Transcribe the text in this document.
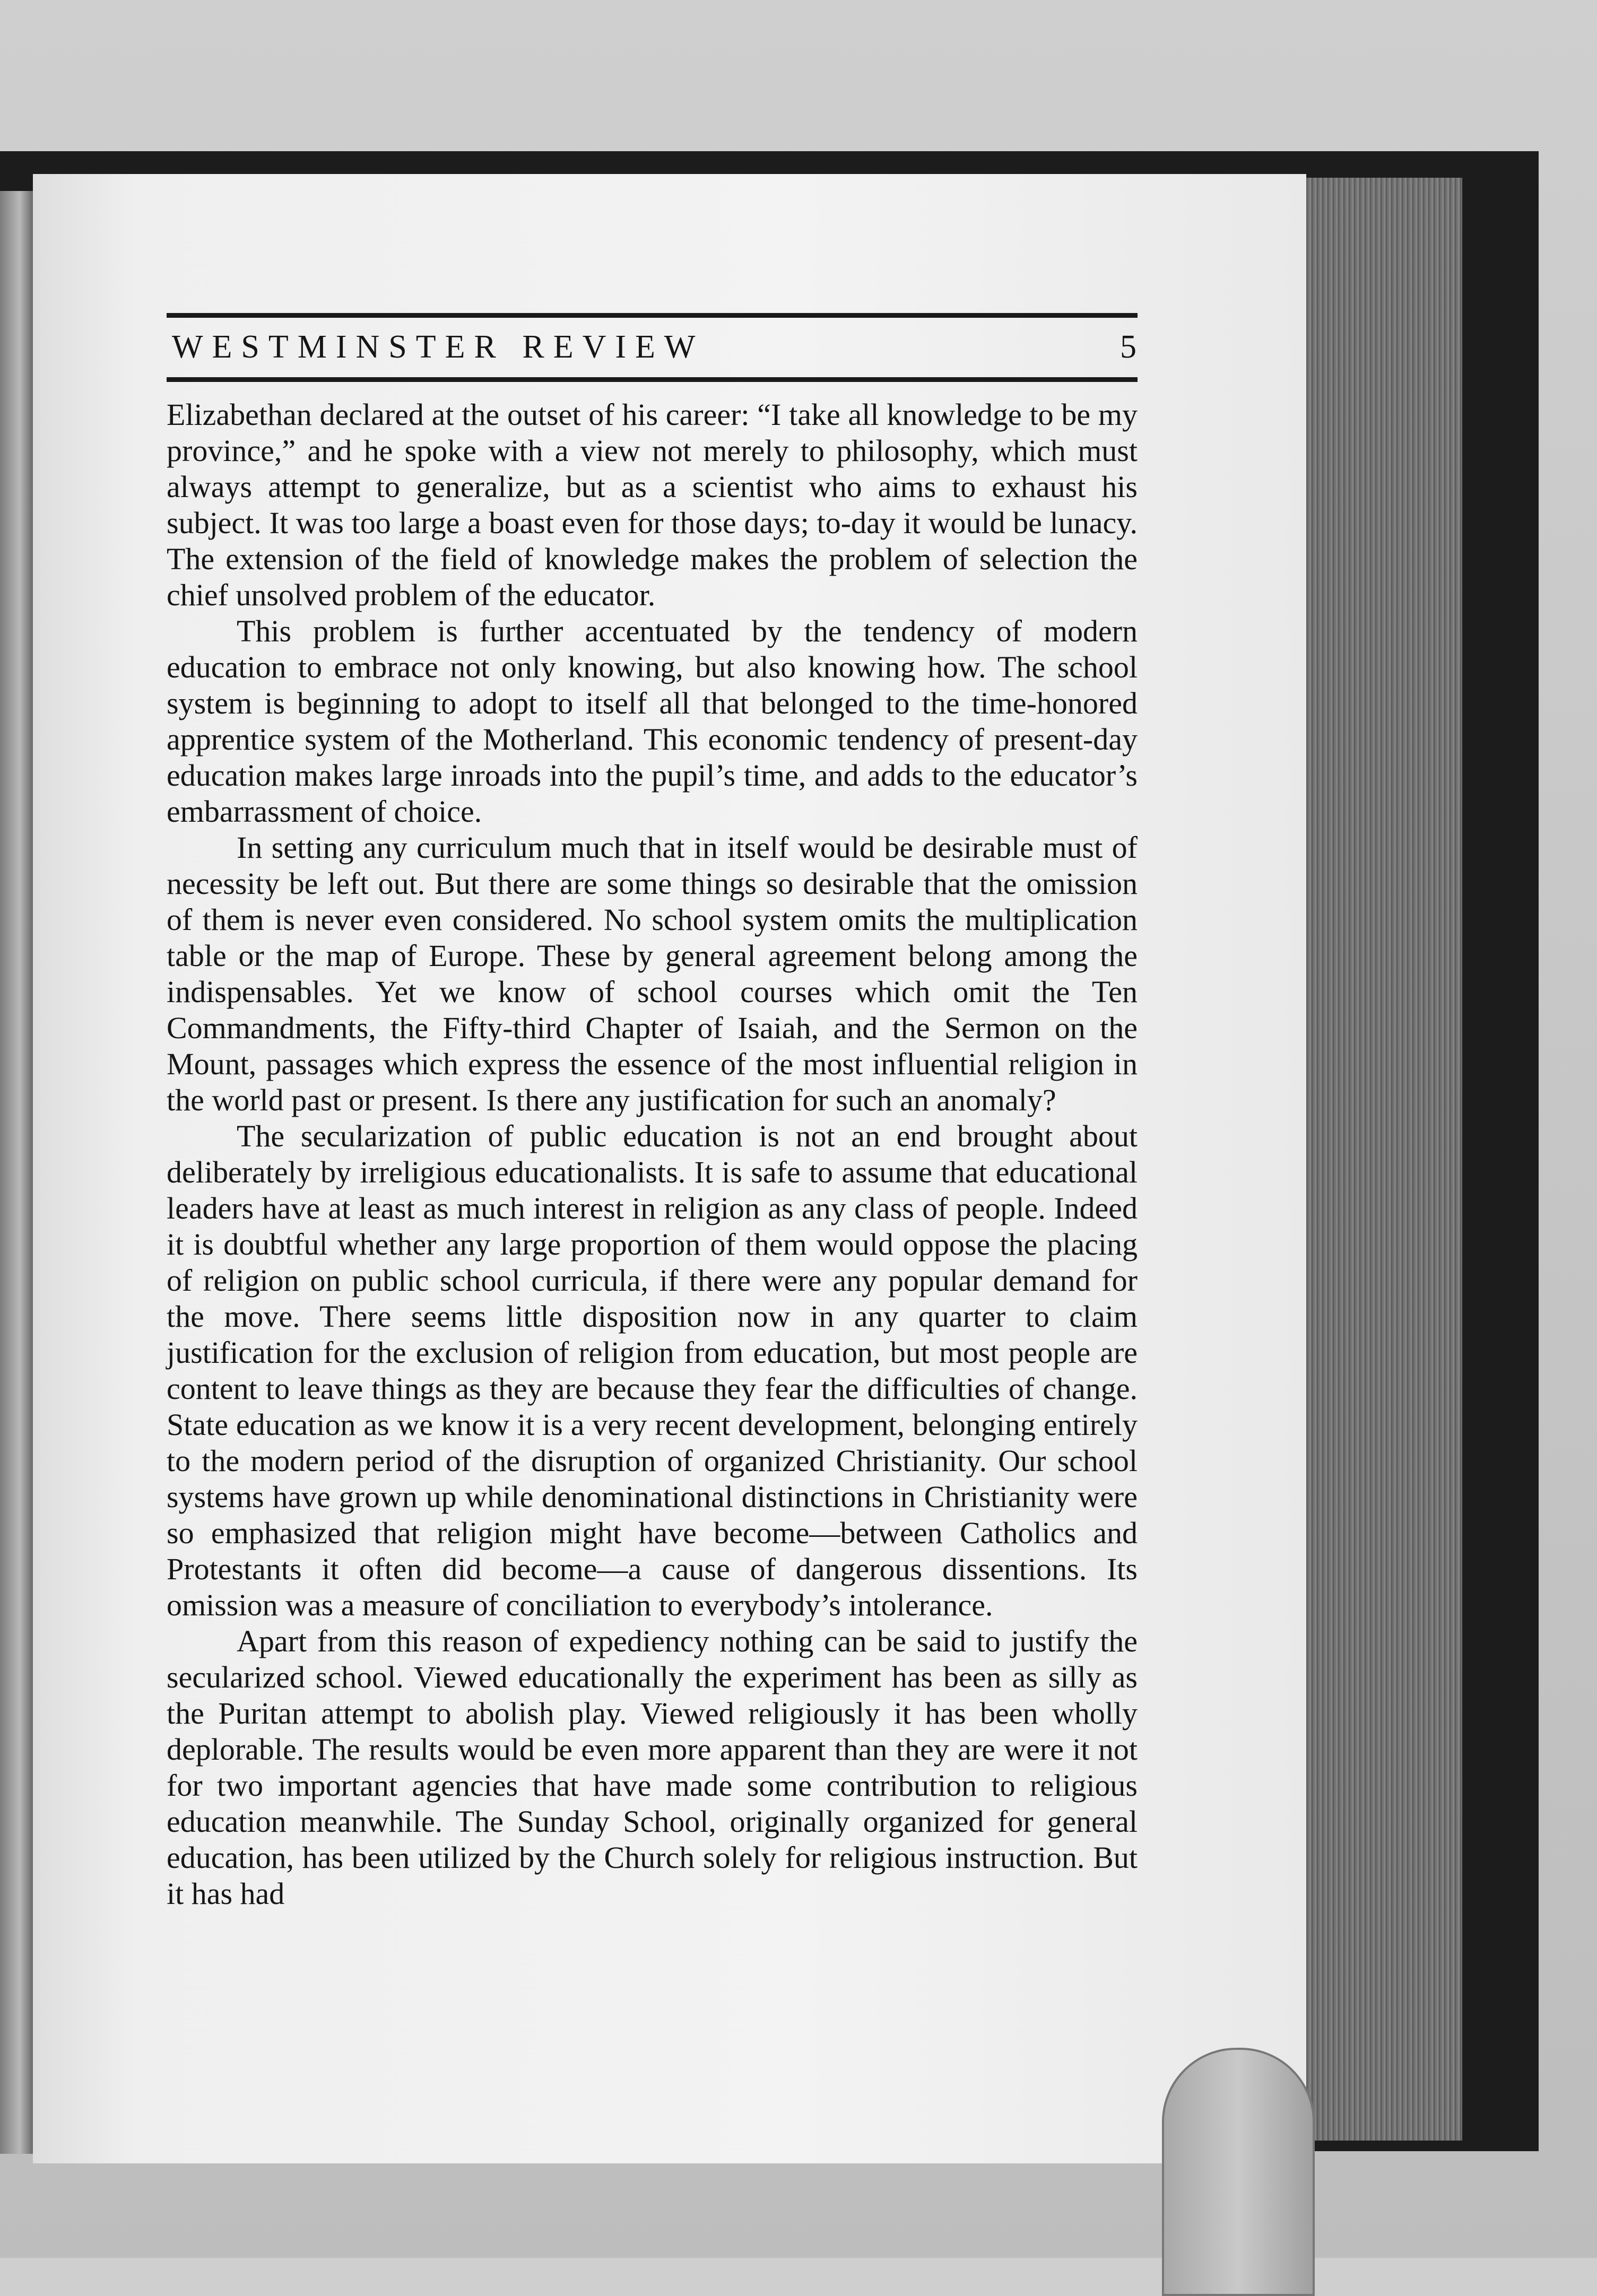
WESTMINSTER REVIEW	5

Elizabethan declared at the outset of his career: “I take all knowledge to be my province,” and he spoke with a view not merely to philosophy, which must always attempt to generalize, but as a scientist who aims to exhaust his subject. It was too large a boast even for those days; to-day it would be lunacy. The extension of the field of knowledge makes the problem of selection the chief unsolved problem of the educator.

This problem is further accentuated by the tendency of modern education to embrace not only knowing, but also knowing how. The school system is beginning to adopt to itself all that belonged to the time-honored apprentice system of the Motherland. This economic tendency of present-day education makes large inroads into the pupil’s time, and adds to the educator’s embarrassment of choice.

In setting any curriculum much that in itself would be desirable must of necessity be left out. But there are some things so desirable that the omission of them is never even considered. No school system omits the multiplication table or the map of Europe. These by general agreement belong among the indispensables. Yet we know of school courses which omit the Ten Commandments, the Fifty-third Chapter of Isaiah, and the Sermon on the Mount, passages which express the essence of the most influential religion in the world past or present. Is there any justification for such an anomaly?

The secularization of public education is not an end brought about deliberately by irreligious educationalists. It is safe to assume that educational leaders have at least as much interest in religion as any class of people. Indeed it is doubtful whether any large proportion of them would oppose the placing of religion on public school curricula, if there were any popular demand for the move. There seems little disposition now in any quarter to claim justification for the exclusion of religion from education, but most people are content to leave things as they are because they fear the difficulties of change. State education as we know it is a very recent development, belonging entirely to the modern period of the disruption of organized Christianity. Our school systems have grown up while denominational distinctions in Christianity were so emphasized that religion might have become—between Catholics and Protestants it often did become—a cause of dangerous dissentions. Its omission was a measure of conciliation to everybody’s intolerance.

Apart from this reason of expediency nothing can be said to justify the secularized school. Viewed educationally the experiment has been as silly as the Puritan attempt to abolish play. Viewed religiously it has been wholly deplorable. The results would be even more apparent than they are were it not for two important agencies that have made some contribution to religious education meanwhile. The Sunday School, originally organized for general education, has been utilized by the Church solely for religious instruction. But it has had
